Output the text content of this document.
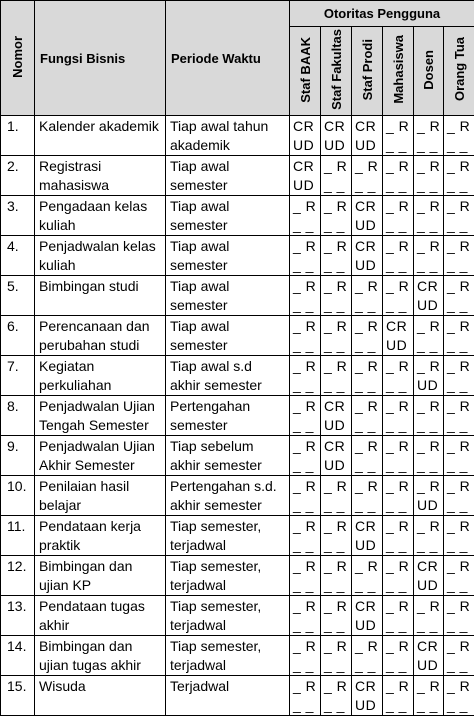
Nomor	Fungsi Bisnis	Periode Waktu	Otoritas Pengguna					
			Staf BAAK	Staf Fakultas	Staf Prodi	Mahasiswa	Dosen	Orang Tua
1.	Kalender akademik	Tiap awal tahun akademik	CR
UD	CR
UD	CR
UD	_ R
_ _	_ R
_ _	_ R
_ _
2.	Registrasi mahasiswa	Tiap awal semester	CR
UD	_ R
_ _	_ R
_ _	_ R
_ _	_ R
_ _	_ R
_ _
3.	Pengadaan kelas kuliah	Tiap awal semester	_ R
_ _	_ R
_ _	CR
UD	_ R
_ _	_ R
_ _	_ R
_ _
4.	Penjadwalan kelas kuliah	Tiap awal semester	_ R
_ _	_ R
_ _	CR
UD	_ R
_ _	_ R
_ _	_ R
_ _
5.	Bimbingan studi	Tiap awal semester	_ R
_ _	_ R
_ _	_ R
_ _	_ R
_ _	CR
UD	_ R
_ _
6.	Perencanaan dan perubahan studi	Tiap awal semester	_ R
_ _	_ R
_ _	_ R
_ _	CR
UD	_ R
_ _	_ R
_ _
7.	Kegiatan perkuliahan	Tiap awal s.d akhir semester	_ R
_ _	_ R
_ _	_ R
_ _	_ R
_ _	_ R
UD	_ R
_ _
8.	Penjadwalan Ujian Tengah Semester	Pertengahan semester	_ R
_ _	CR
UD	_ R
_ _	_ R
_ _	_ R
_ _	_ R
_ _
9.	Penjadwalan Ujian Akhir Semester	Tiap sebelum akhir semester	_ R
_ _	CR
UD	_ R
_ _	_ R
_ _	_ R
_ _	_ R
_ _
10.	Penilaian hasil belajar	Pertengahan s.d. akhir semester	_ R
_ _	_ R
_ _	_ R
_ _	_ R
_ _	_ R
UD	_ R
_ _
11.	Pendataan kerja praktik	Tiap semester, terjadwal	_ R
_ _	_ R
_ _	CR
UD	_ R
_ _	_ R
_ _	_ R
_ _
12.	Bimbingan dan ujian KP	Tiap semester, terjadwal	_ R
_ _	_ R
_ _	_ R
_ _	_ R
_ _	CR
UD	_ R
_ _
13.	Pendataan tugas akhir	Tiap semester, terjadwal	_ R
_ _	_ R
_ _	CR
UD	_ R
_ _	_ R
_ _	_ R
_ _
14.	Bimbingan dan ujian tugas akhir	Tiap semester, terjadwal	_ R
_ _	_ R
_ _	_ R
_ _	_ R
_ _	CR
UD	_ R
_ _
15.	Wisuda	Terjadwal	_ R
_ _	_ R
_ _	CR
UD	_ R
_ _	_ R
_ _	_ R
_ _
